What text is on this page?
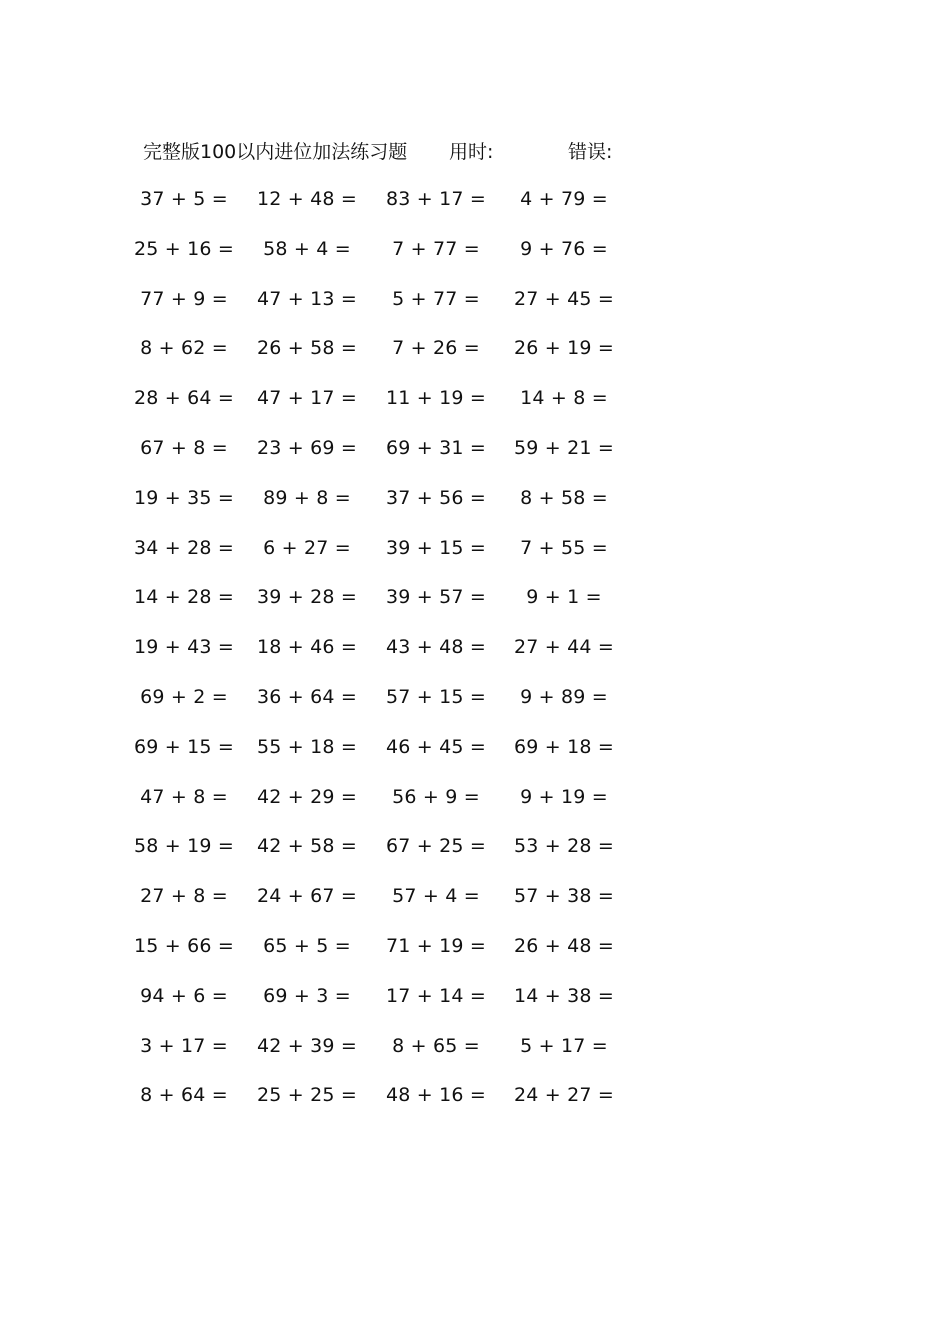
完整版100以内进位加法练习题 用时:	错误:
37 + 5 = 12 + 48 = 83 + 17 = 4 + 79 =
25 + 16 = 58 + 4 = 7 + 77 = 9 + 76 =
77 + 9 = 47 + 13 = 5 + 77 = 27 + 45 =
8 + 62 = 26 + 58 = 7 + 26 = 26 + 19 =
28 + 64 = 47 + 17 = 11 + 19 = 14 + 8 =
67 + 8 = 23 + 69 = 69 + 31 = 59 + 21 =
19 + 35 = 89 + 8 = 37 + 56 = 8 + 58 =
34 + 28 = 6 + 27 = 39 + 15 = 7 + 55 =
14 + 28 = 39 + 28 = 39 + 57 = 9 + 1 =
19 + 43 = 18 + 46 = 43 + 48 = 27 + 44 =
69 + 2 = 36 + 64 = 57 + 15 = 9 + 89 =
69 + 15 = 55 + 18 = 46 + 45 = 69 + 18 =
47 + 8 = 42 + 29 = 56 + 9 = 9 + 19 =
58 + 19 = 42 + 58 = 67 + 25 = 53 + 28 =
27 + 8 = 24 + 67 = 57 + 4 = 57 + 38 =
15 + 66 = 65 + 5 = 71 + 19 = 26 + 48 =
94 + 6 = 69 + 3 = 17 + 14 = 14 + 38 =
3 + 17 = 42 + 39 = 8 + 65 = 5 + 17 =
8 + 64 = 25 + 25 = 48 + 16 = 24 + 27 =
